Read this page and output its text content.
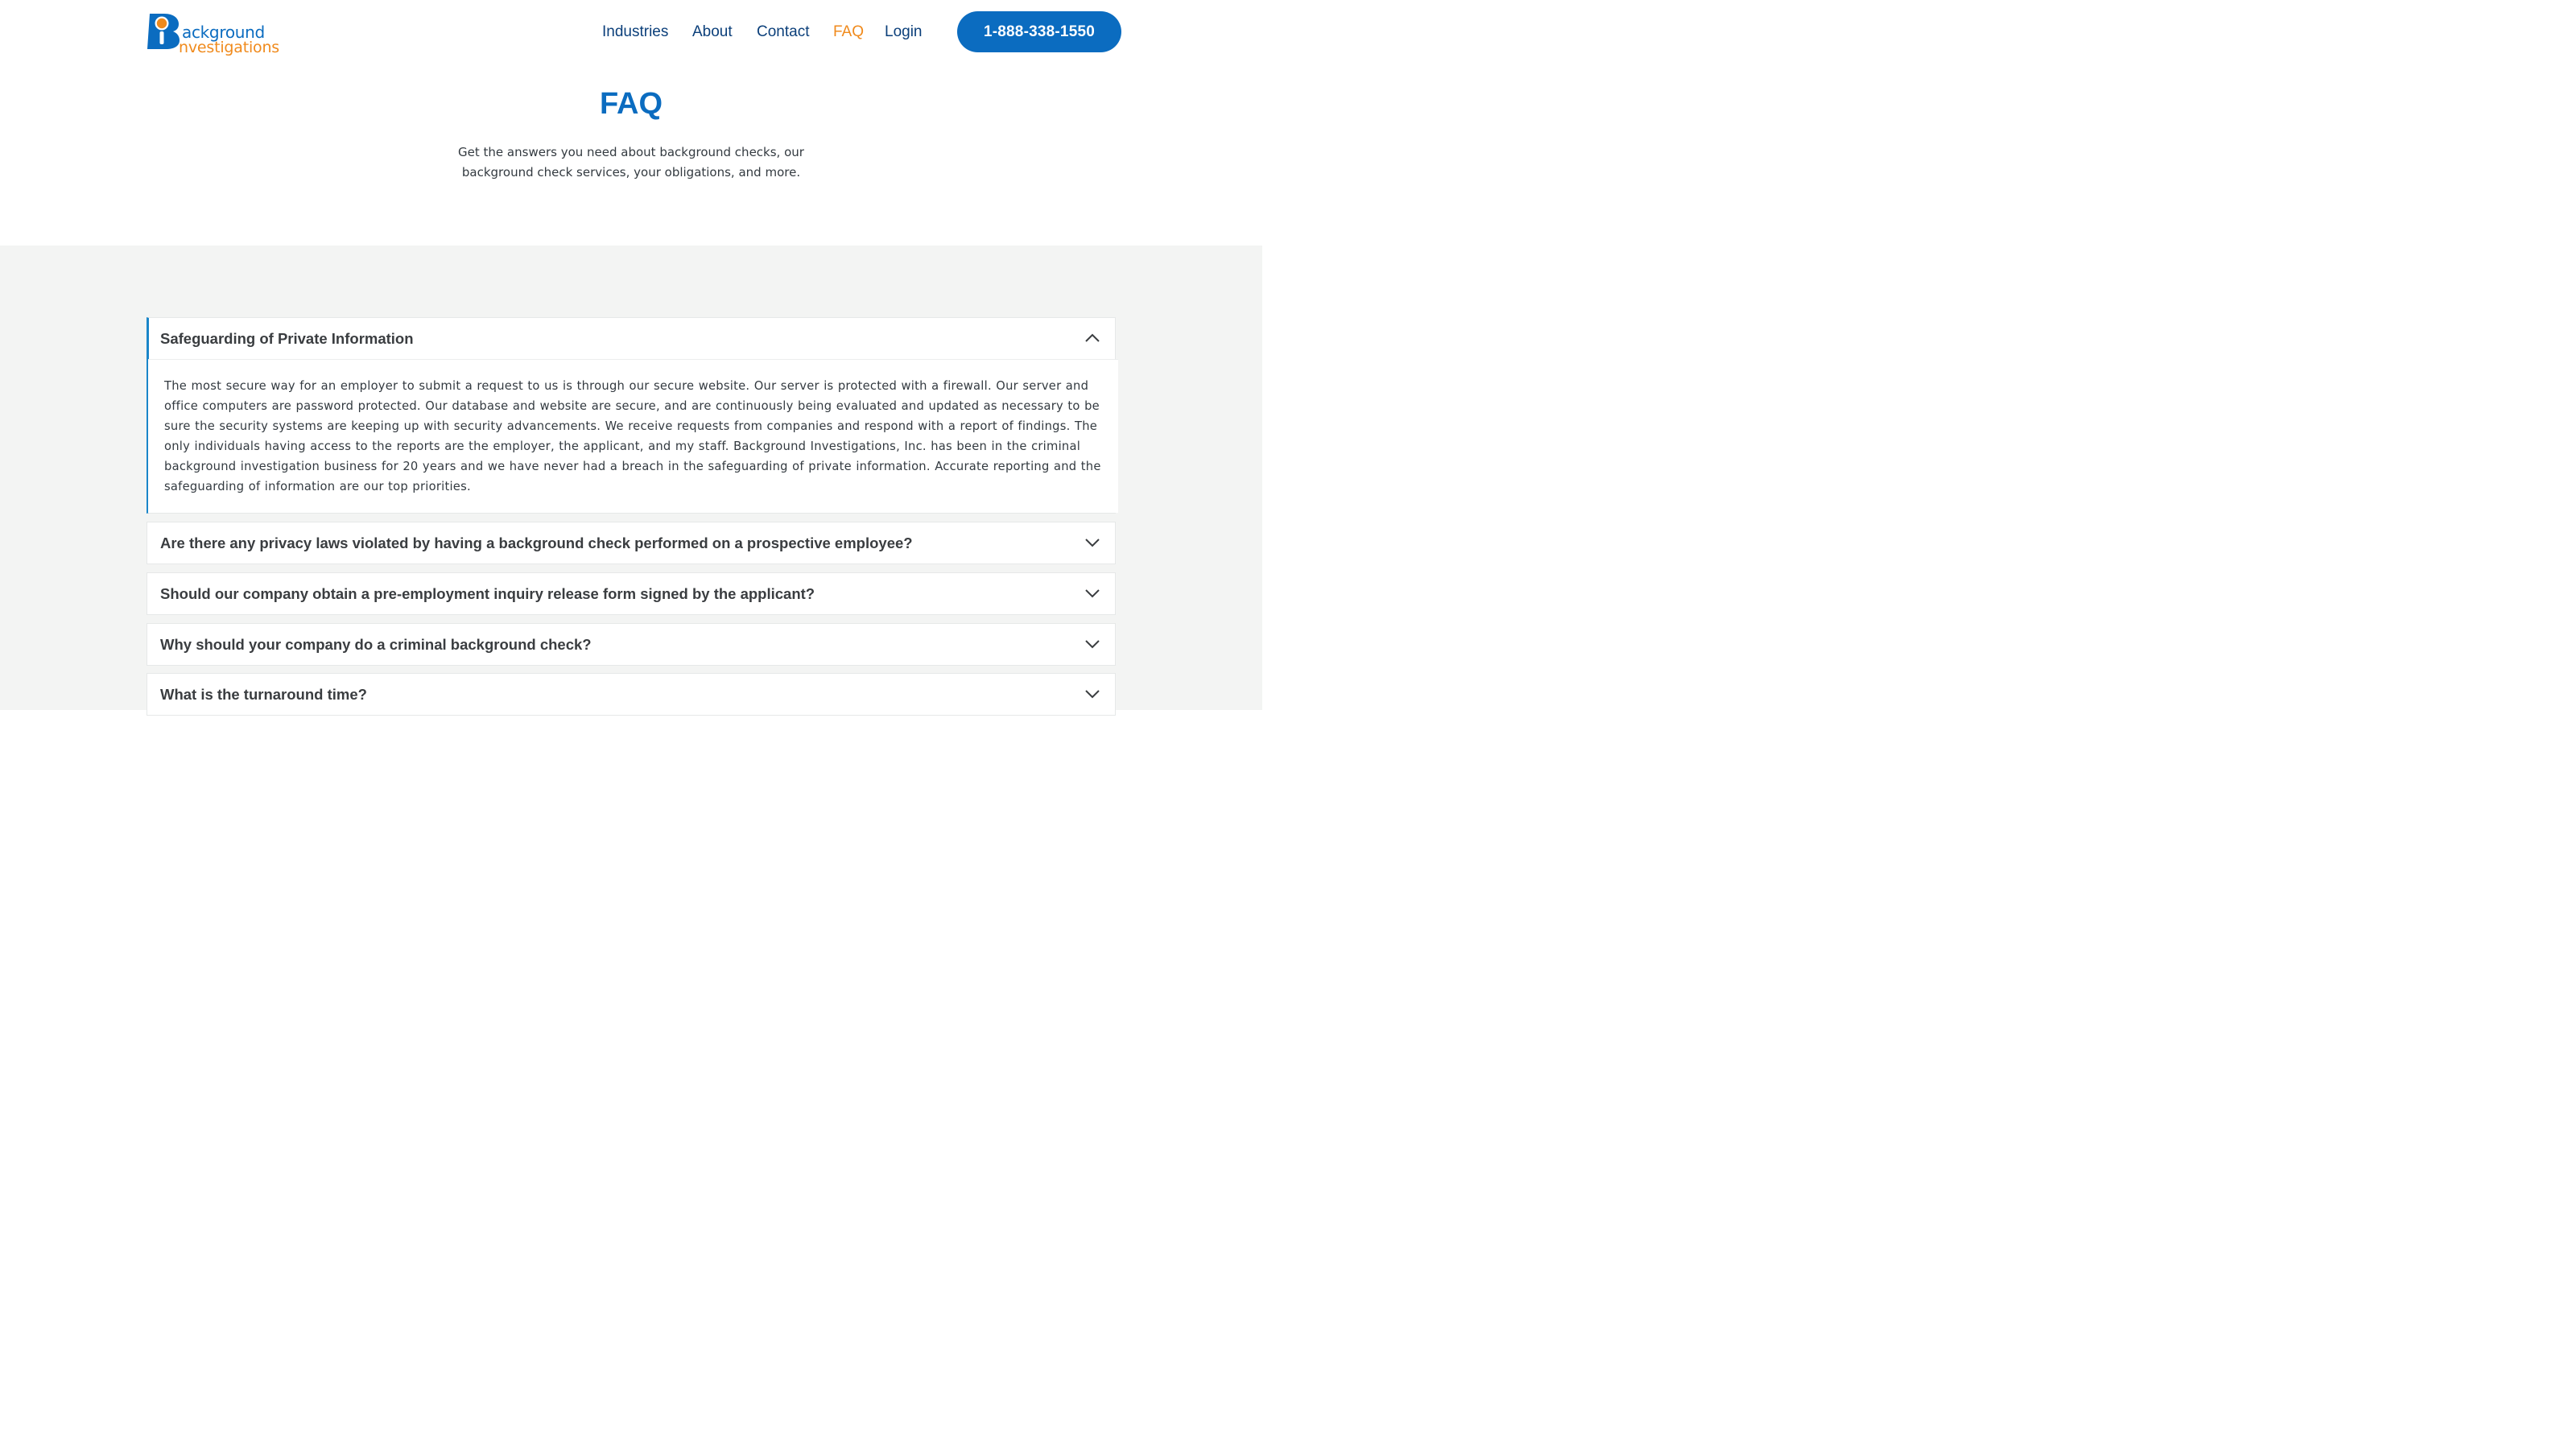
ackground
nvestigations
Industries About Contact FAQ Login	1-888-338-1550
FAQ

Get the answers you need about background checks, our background check services, your obligations, and more.

Safeguarding of Private Information

The most secure way for an employer to submit a request to us is through our secure website. Our server is protected with a firewall. Our server and office computers are password protected. Our database and website are secure, and are continuously being evaluated and updated as necessary to be sure the security systems are keeping up with security advancements. We receive requests from companies and respond with a report of findings. The only individuals having access to the reports are the employer, the applicant, and my staff. Background Investigations, Inc. has been in the criminal background investigation business for 20 years and we have never had a breach in the safeguarding of private information. Accurate reporting and the safeguarding of information are our top priorities.

Are there any privacy laws violated by having a background check performed on a prospective employee?
Should our company obtain a pre-employment inquiry release form signed by the applicant?
Why should your company do a criminal background check?
What is the turnaround time?
